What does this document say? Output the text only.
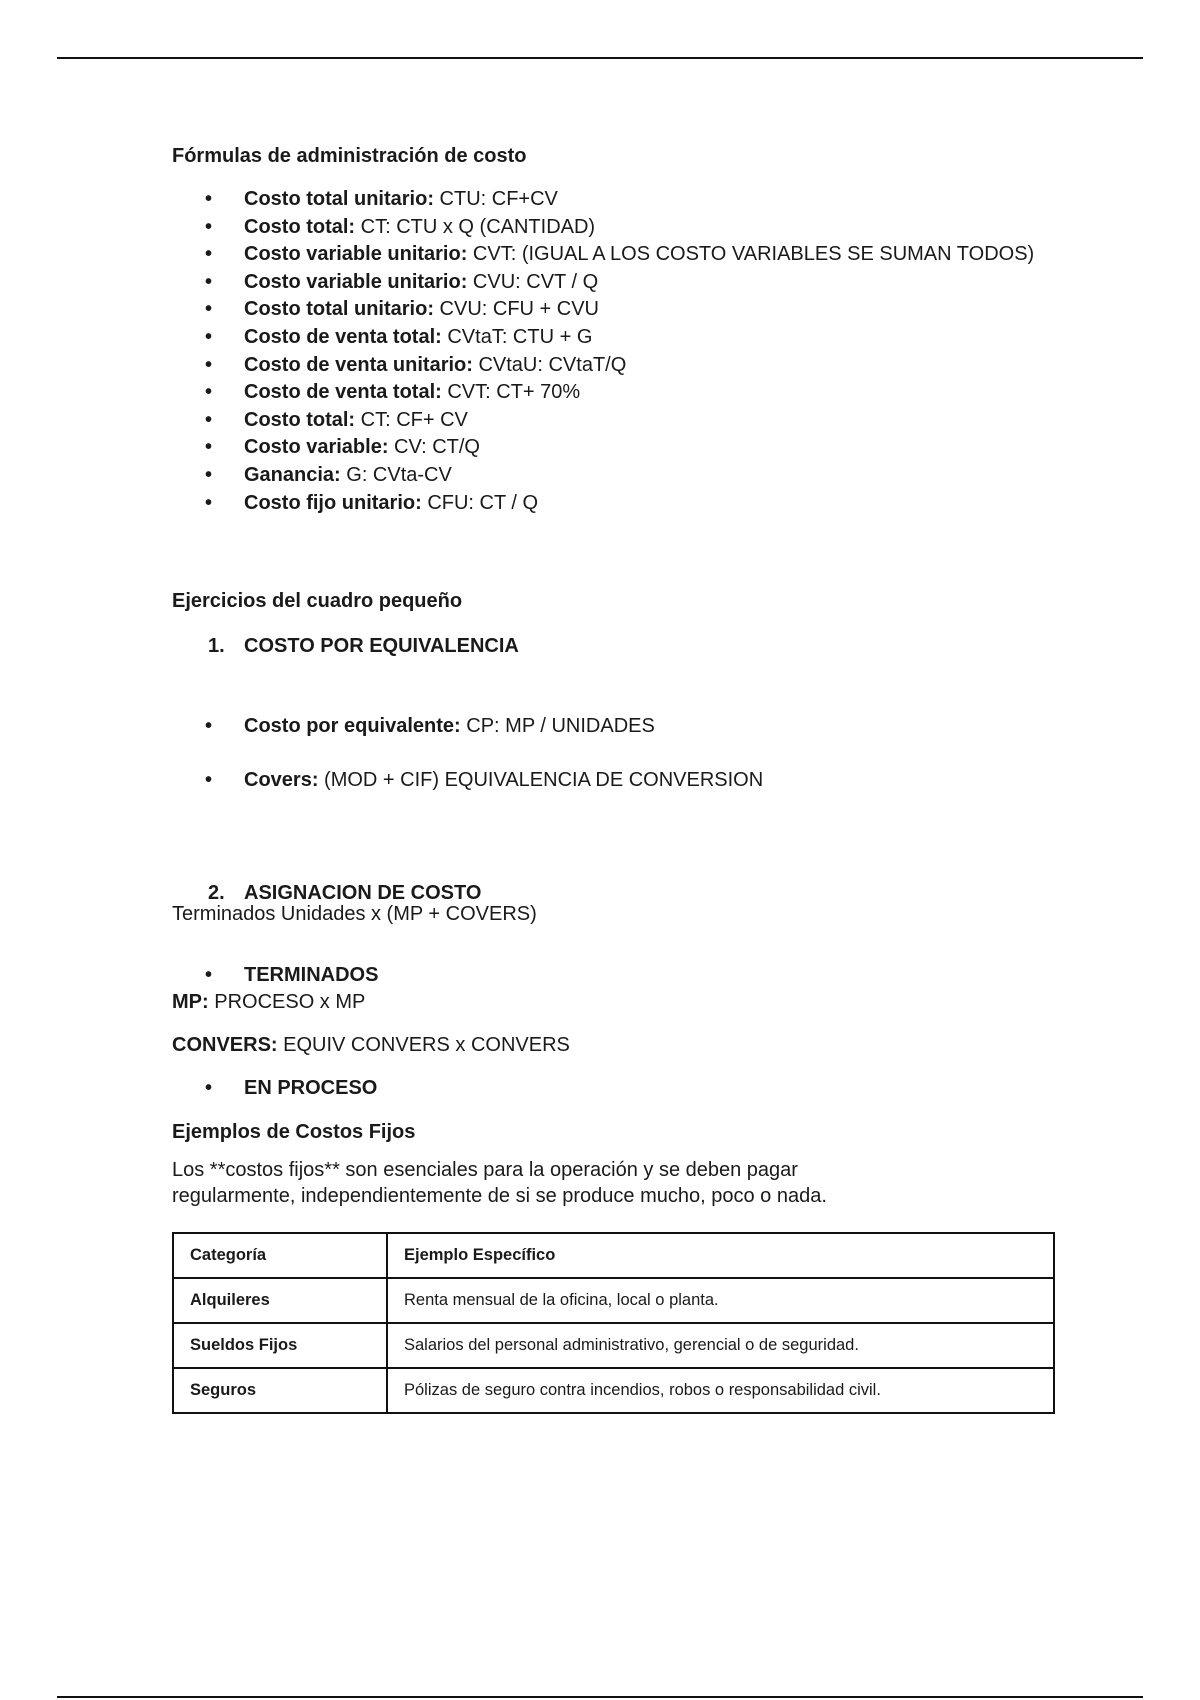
Fórmulas de administración de costo
• Costo total unitario: CTU: CF+CV
• Costo total: CT: CTU x Q (CANTIDAD)
• Costo variable unitario: CVT: (IGUAL A LOS COSTO VARIABLES SE SUMAN TODOS)
• Costo variable unitario: CVU: CVT / Q
• Costo total unitario: CVU: CFU + CVU
• Costo de venta total: CVtaT: CTU + G
• Costo de venta unitario: CVtaU: CVtaT/Q
• Costo de venta total: CVT: CT+ 70%
• Costo total: CT: CF+ CV
• Costo variable: CV: CT/Q
• Ganancia: G: CVta-CV
• Costo fijo unitario: CFU: CT / Q
Ejercicios del cuadro pequeño
1. COSTO POR EQUIVALENCIA
• Costo por equivalente: CP: MP / UNIDADES
• Covers: (MOD + CIF) EQUIVALENCIA DE CONVERSION
2. ASIGNACION DE COSTO
• TERMINADOS
Terminados Unidades x (MP + COVERS)
• EN PROCESO
MP: PROCESO x MP
CONVERS: EQUIV CONVERS x CONVERS
Ejemplos de Costos Fijos
Los **costos fijos** son esenciales para la operación y se deben pagar regularmente, independientemente de si se produce mucho, poco o nada.
Categoría	Ejemplo Específico
Alquileres	Renta mensual de la oficina, local o planta.
Sueldos Fijos	Salarios del personal administrativo, gerencial o de seguridad.
Seguros	Pólizas de seguro contra incendios, robos o responsabilidad civil.
